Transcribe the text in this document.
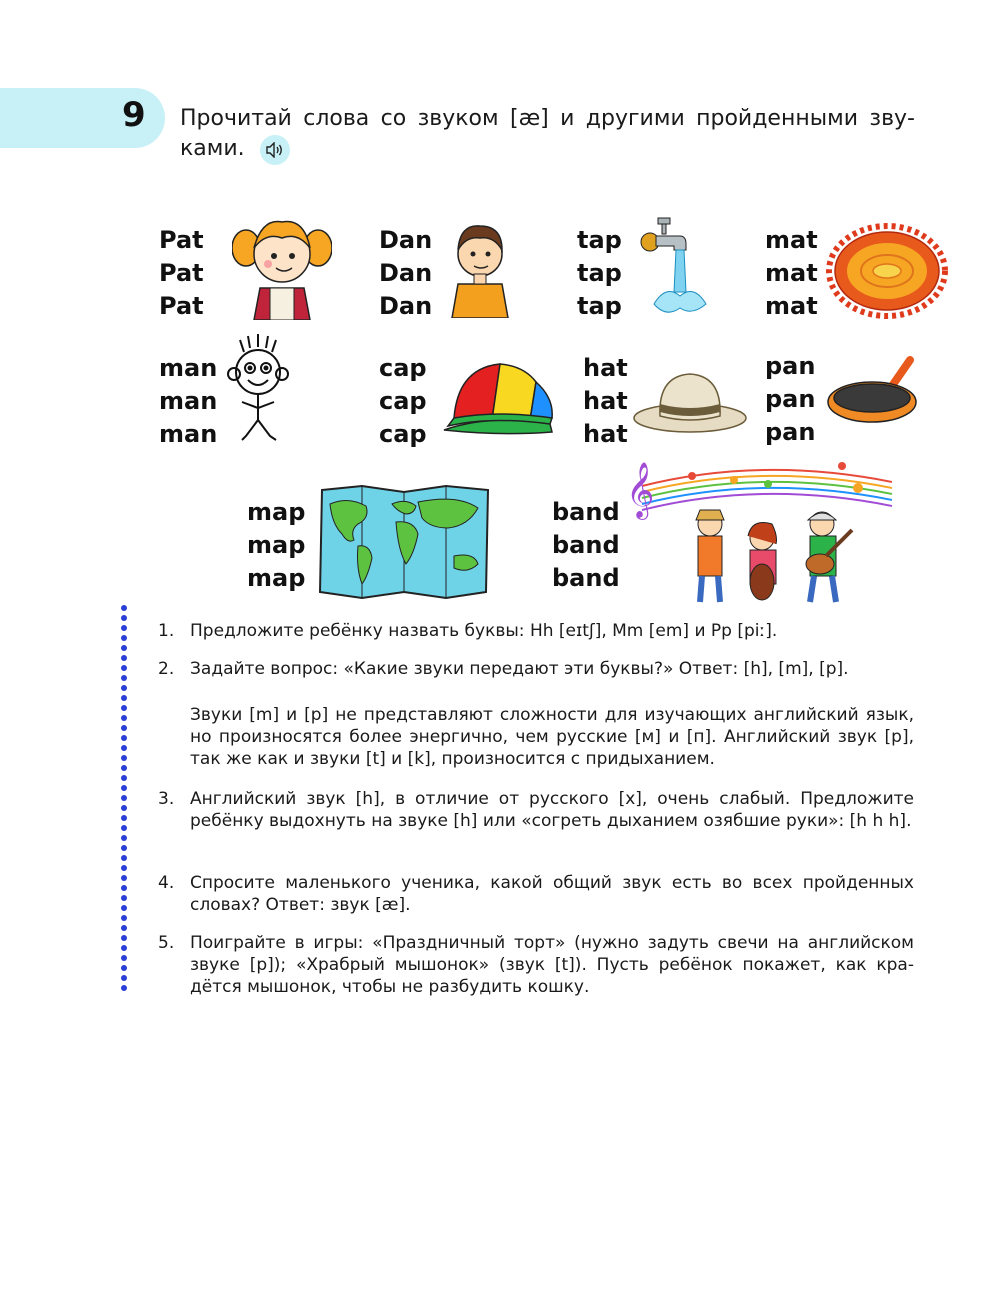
9 Прочитай слова со звуком [æ] и другими пройденными зву-
ками.
Pat
Pat
Pat
Dan
Dan
Dan
tap
tap
tap
mat
mat
mat
man
man
man
cap
cap
cap
hat
hat
hat
pan
pan
pan
map
map
map
band
band
band
𝄞
1. Предложите ребёнку назвать буквы: Hh [eɪtʃ], Mm [em] и Pp [piː].
2. Задайте вопрос: «Какие звуки передают эти буквы?» Ответ: [h], [m], [p].
Звуки [m] и [p] не представляют сложности для изучающих английский язык, но произносятся более энергично, чем русские [м] и [п]. Английский звук [p], так же как и звуки [t] и [k], произносится с придыханием.
3. Английский звук [h], в отличие от русского [х], очень слабый. Предложите ребёнку выдохнуть на звуке [h] или «согреть дыханием озябшие руки»: [h h h].
4. Спросите маленького ученика, какой общий звук есть во всех пройденных словах? Ответ: звук [æ].
5. Поиграйте в игры: «Праздничный торт» (нужно задуть свечи на английском звуке [p]); «Храбрый мышонок» (звук [t]). Пусть ребёнок покажет, как кра-дётся мышонок, чтобы не разбудить кошку.
